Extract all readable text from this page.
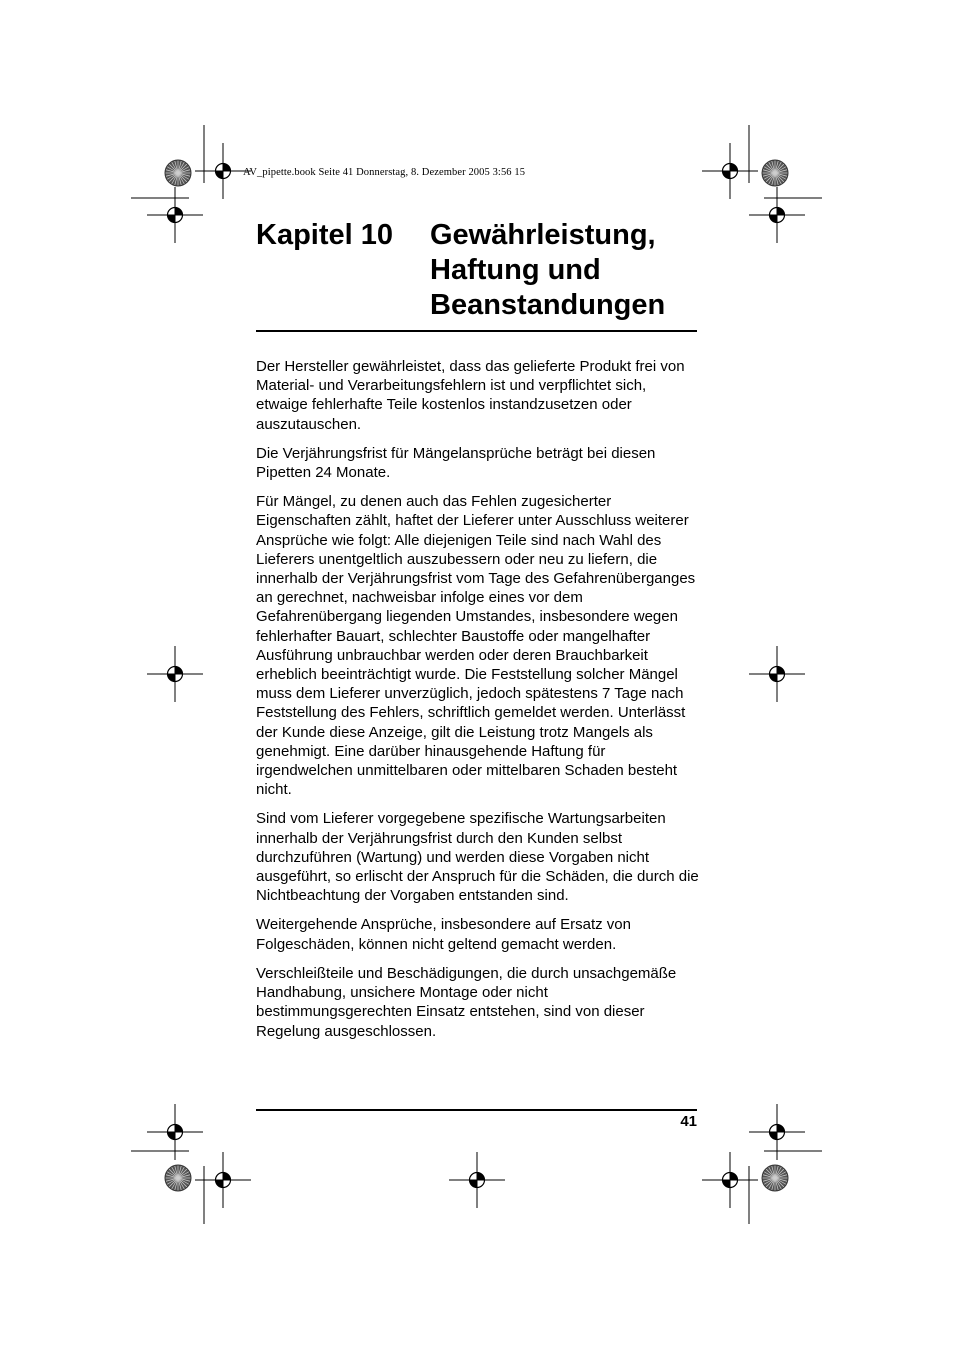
AV_pipette.book Seite 41 Donnerstag, 8. Dezember 2005 3:56 15
Kapitel 10 Gewährleistung,
Haftung und
Beanstandungen

Der Hersteller gewährleistet, dass das gelieferte Produkt frei von Material- und Verarbeitungsfehlern ist und verpflichtet sich, etwaige fehlerhafte Teile kostenlos instandzusetzen oder auszutauschen.

Die Verjährungsfrist für Mängelansprüche beträgt bei diesen Pipetten 24 Monate.

Für Mängel, zu denen auch das Fehlen zugesicherter Eigenschaften zählt, haftet der Lieferer unter Ausschluss weiterer Ansprüche wie folgt: Alle diejenigen Teile sind nach Wahl des Lieferers unentgeltlich auszubessern oder neu zu liefern, die innerhalb der Verjährungsfrist vom Tage des Gefahrenüberganges an gerechnet, nachweisbar infolge eines vor dem Gefahrenübergang liegenden Umstandes, insbesondere wegen fehlerhafter Bauart, schlechter Baustoffe oder mangelhafter Ausführung unbrauchbar werden oder deren Brauchbarkeit erheblich beeinträchtigt wurde. Die Feststellung solcher Mängel muss dem Lieferer unverzüglich, jedoch spätestens 7 Tage nach Feststellung des Fehlers, schriftlich gemeldet werden. Unterlässt der Kunde diese Anzeige, gilt die Leistung trotz Mangels als genehmigt. Eine darüber hinausgehende Haftung für irgendwelchen unmittelbaren oder mittelbaren Schaden besteht nicht.

Sind vom Lieferer vorgegebene spezifische Wartungsarbeiten innerhalb der Verjährungsfrist durch den Kunden selbst durchzuführen (Wartung) und werden diese Vorgaben nicht ausgeführt, so erlischt der Anspruch für die Schäden, die durch die Nichtbeachtung der Vorgaben entstanden sind.

Weitergehende Ansprüche, insbesondere auf Ersatz von Folgeschäden, können nicht geltend gemacht werden.

Verschleißteile und Beschädigungen, die durch unsachgemäße Handhabung, unsichere Montage oder nicht bestimmungsgerechten Einsatz entstehen, sind von dieser Regelung ausgeschlossen.

41
